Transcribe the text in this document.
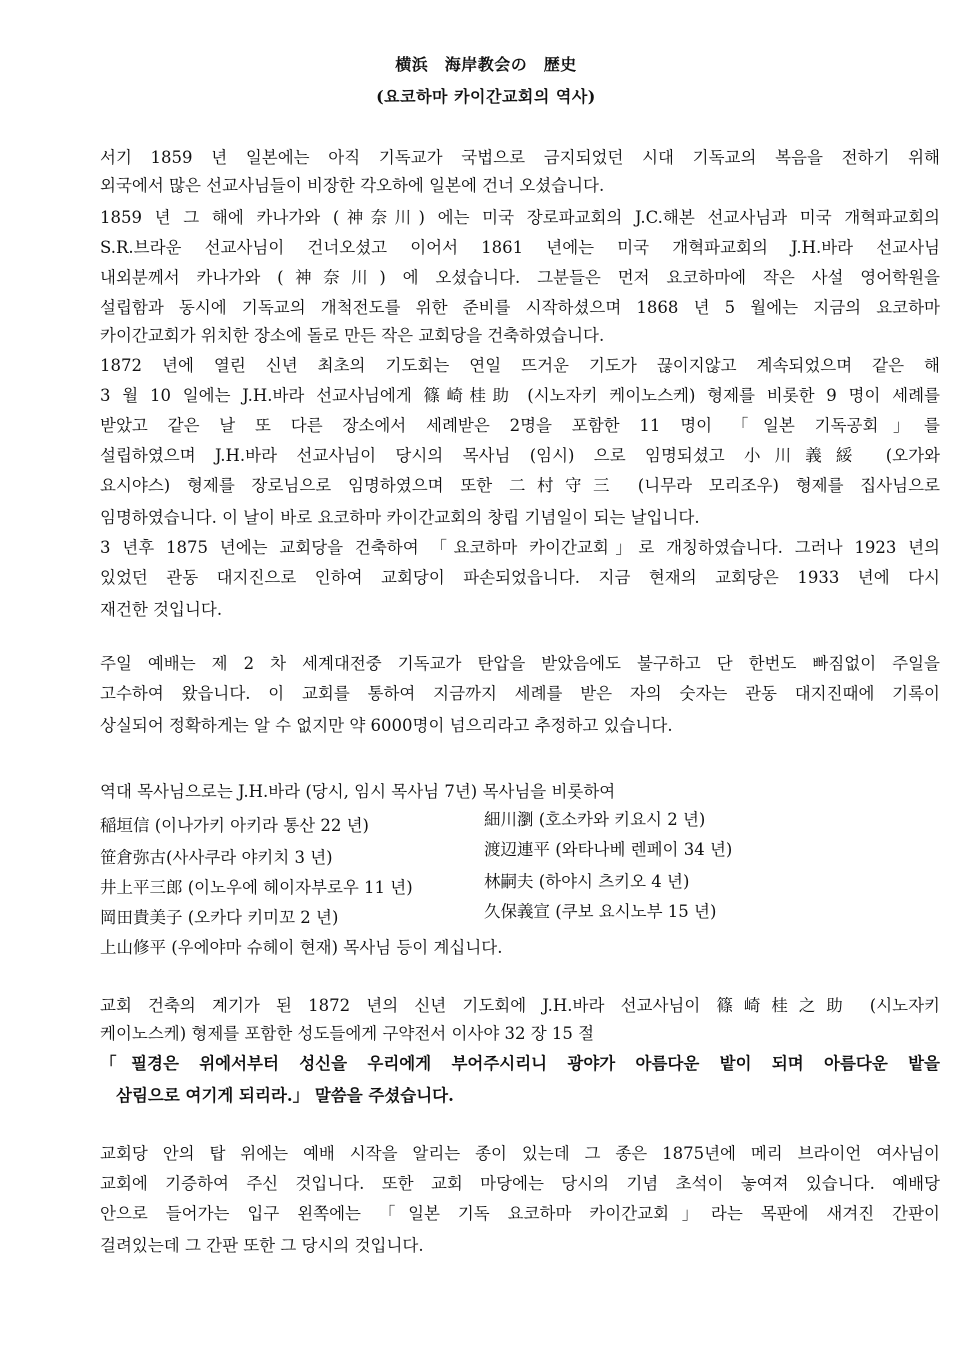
横浜　海岸教会の　歴史
(요코하마 카이간교회의 역사)
서기 1859 년 일본에는 아직 기독교가 국법으로 금지되었던 시대 기독교의 복음을 전하기 위해
외국에서 많은 선교사님들이 비장한 각오하에 일본에 건너 오셨습니다.
1859 년 그 해에 카나가와 (神奈川) 에는 미국 장로파교회의 J.C.해본 선교사님과 미국 개혁파교회의
S.R.브라운 선교사님이 건너오셨고 이어서 1861 년에는 미국 개혁파교회의 J.H.바라 선교사님
내외분께서 카나가와 (神奈川) 에 오셨습니다. 그분들은 먼저 요코하마에 작은 사설 영어학원을
설립함과 동시에 기독교의 개척전도를 위한 준비를 시작하셨으며 1868 년 5 월에는 지금의 요코하마
카이간교회가 위치한 장소에 돌로 만든 작은 교회당을 건축하였습니다.
1872 년에 열린 신년 최초의 기도회는 연일 뜨거운 기도가 끊이지않고 계속되었으며 같은 해
3 월 10 일에는 J.H.바라 선교사님에게 篠崎桂助 (시노자키 케이노스케) 형제를 비롯한 9 명이 세례를
받았고 같은 날 또 다른 장소에서 세례받은 2명을 포함한 11 명이 「일본 기독공회」를
설립하였으며 J.H.바라 선교사님이 당시의 목사님 (임시) 으로 임명되셨고 小川義綏 (오가와
요시야스) 형제를 장로님으로 임명하였으며 또한 二村守三 (니무라 모리조우) 형제를 집사님으로
임명하였습니다. 이 날이 바로 요코하마 카이간교회의 창립 기념일이 되는 날입니다.
3 년후 1875 년에는 교회당을 건축하여 「요코하마 카이간교회」로 개칭하였습니다. 그러나 1923 년의
있었던 관동 대지진으로 인하여 교회당이 파손되었읍니다. 지금 현재의 교회당은 1933 년에 다시
재건한 것입니다.
주일 예배는 제 2 차 세계대전중 기독교가 탄압을 받았음에도 불구하고 단 한번도 빠짐없이 주일을
고수하여 왔읍니다. 이 교회를 통하여 지금까지 세례를 받은 자의 숫자는 관동 대지진때에 기록이
상실되어 정확하게는 알 수 없지만 약 6000명이 넘으리라고 추정하고 있습니다.
역대 목사님으로는 J.H.바라 (당시, 임시 목사님 7년) 목사님을 비롯하여
稲垣信 (이나가키 아키라 통산 22 년)
笹倉弥古(사사쿠라 야키치 3 년)
井上平三郎 (이노우에 헤이자부로우 11 년)
岡田貴美子 (오카다 키미꼬 2 년)
細川瀏 (호소카와 키요시 2 년)
渡辺連平 (와타나베 렌페이 34 년)
林嗣夫 (하야시 츠키오 4 년)
久保義宣 (쿠보 요시노부 15 년)
上山修平 (우에야마 슈헤이 현재) 목사님 등이 계십니다.
교회 건축의 계기가 된 1872 년의 신년 기도회에 J.H.바라 선교사님이 篠崎桂之助 (시노자키
케이노스케) 형제를 포함한 성도들에게 구약전서 이사야 32 장 15 절
「필경은 위에서부터 성신을 우리에게 부어주시리니 광야가 아름다운 밭이 되며 아름다운 밭을
삼림으로 여기게 되리라.」 말씀을 주셨습니다.
교회당 안의 탑 위에는 예배 시작을 알리는 종이 있는데 그 종은 1875년에 메리 브라이언 여사님이
교회에 기증하여 주신 것입니다. 또한 교회 마당에는 당시의 기념 초석이 놓여져 있습니다. 예배당
안으로 들어가는 입구 왼쪽에는 「일본 기독 요코하마 카이간교회」라는 목판에 새겨진 간판이
걸려있는데 그 간판 또한 그 당시의 것입니다.
